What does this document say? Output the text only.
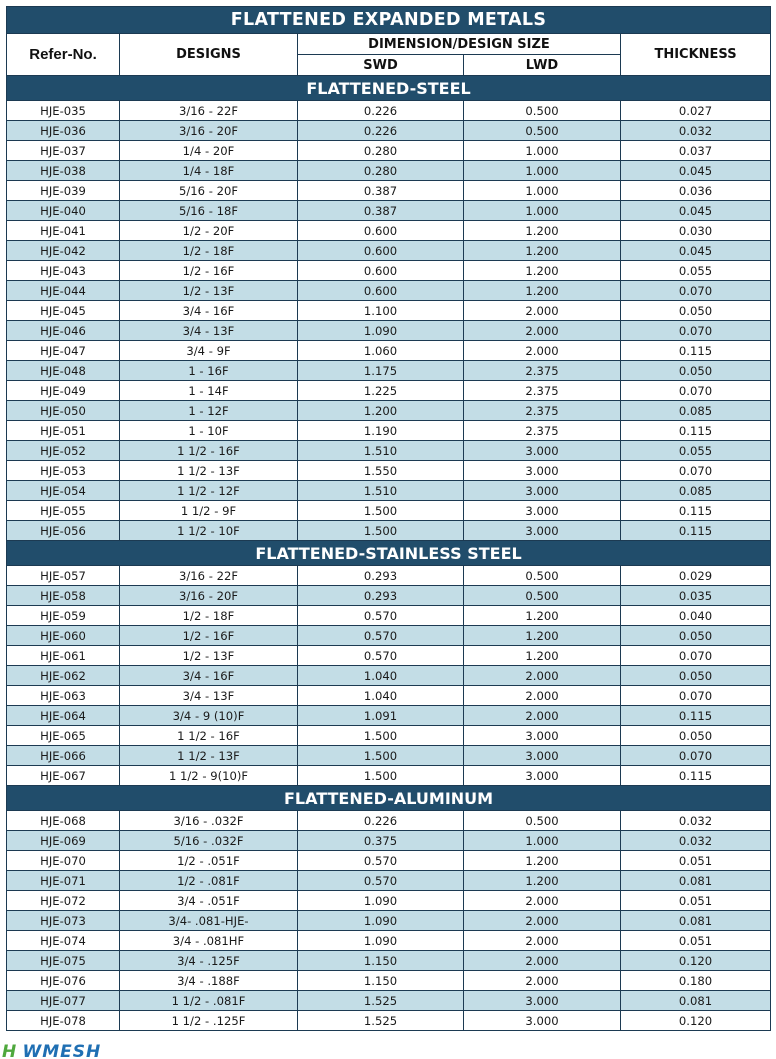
FLATTENED EXPANDED METALS				
Refer-No.	DESIGNS	DIMENSION/DESIGN SIZE		THICKNESS
		SWD	LWD	
FLATTENED-STEEL				
HJE-035	3/16 - 22F	0.226	0.500	0.027
HJE-036	3/16 - 20F	0.226	0.500	0.032
HJE-037	1/4 - 20F	0.280	1.000	0.037
HJE-038	1/4 - 18F	0.280	1.000	0.045
HJE-039	5/16 - 20F	0.387	1.000	0.036
HJE-040	5/16 - 18F	0.387	1.000	0.045
HJE-041	1/2 - 20F	0.600	1.200	0.030
HJE-042	1/2 - 18F	0.600	1.200	0.045
HJE-043	1/2 - 16F	0.600	1.200	0.055
HJE-044	1/2 - 13F	0.600	1.200	0.070
HJE-045	3/4 - 16F	1.100	2.000	0.050
HJE-046	3/4 - 13F	1.090	2.000	0.070
HJE-047	3/4 - 9F	1.060	2.000	0.115
HJE-048	1 - 16F	1.175	2.375	0.050
HJE-049	1 - 14F	1.225	2.375	0.070
HJE-050	1 - 12F	1.200	2.375	0.085
HJE-051	1 - 10F	1.190	2.375	0.115
HJE-052	1 1/2 - 16F	1.510	3.000	0.055
HJE-053	1 1/2 - 13F	1.550	3.000	0.070
HJE-054	1 1/2 - 12F	1.510	3.000	0.085
HJE-055	1 1/2 - 9F	1.500	3.000	0.115
HJE-056	1 1/2 - 10F	1.500	3.000	0.115
FLATTENED-STAINLESS STEEL				
HJE-057	3/16 - 22F	0.293	0.500	0.029
HJE-058	3/16 - 20F	0.293	0.500	0.035
HJE-059	1/2 - 18F	0.570	1.200	0.040
HJE-060	1/2 - 16F	0.570	1.200	0.050
HJE-061	1/2 - 13F	0.570	1.200	0.070
HJE-062	3/4 - 16F	1.040	2.000	0.050
HJE-063	3/4 - 13F	1.040	2.000	0.070
HJE-064	3/4 - 9 (10)F	1.091	2.000	0.115
HJE-065	1 1/2 - 16F	1.500	3.000	0.050
HJE-066	1 1/2 - 13F	1.500	3.000	0.070
HJE-067	1 1/2 - 9(10)F	1.500	3.000	0.115
FLATTENED-ALUMINUM				
HJE-068	3/16 - .032F	0.226	0.500	0.032
HJE-069	5/16 - .032F	0.375	1.000	0.032
HJE-070	1/2 - .051F	0.570	1.200	0.051
HJE-071	1/2 - .081F	0.570	1.200	0.081
HJE-072	3/4 - .051F	1.090	2.000	0.051
HJE-073	3/4- .081-HJE-	1.090	2.000	0.081
HJE-074	3/4 - .081HF	1.090	2.000	0.051
HJE-075	3/4 - .125F	1.150	2.000	0.120
HJE-076	3/4 - .188F	1.150	2.000	0.180
HJE-077	1 1/2 - .081F	1.525	3.000	0.081
HJE-078	1 1/2 - .125F	1.525	3.000	0.120
H WMESH
